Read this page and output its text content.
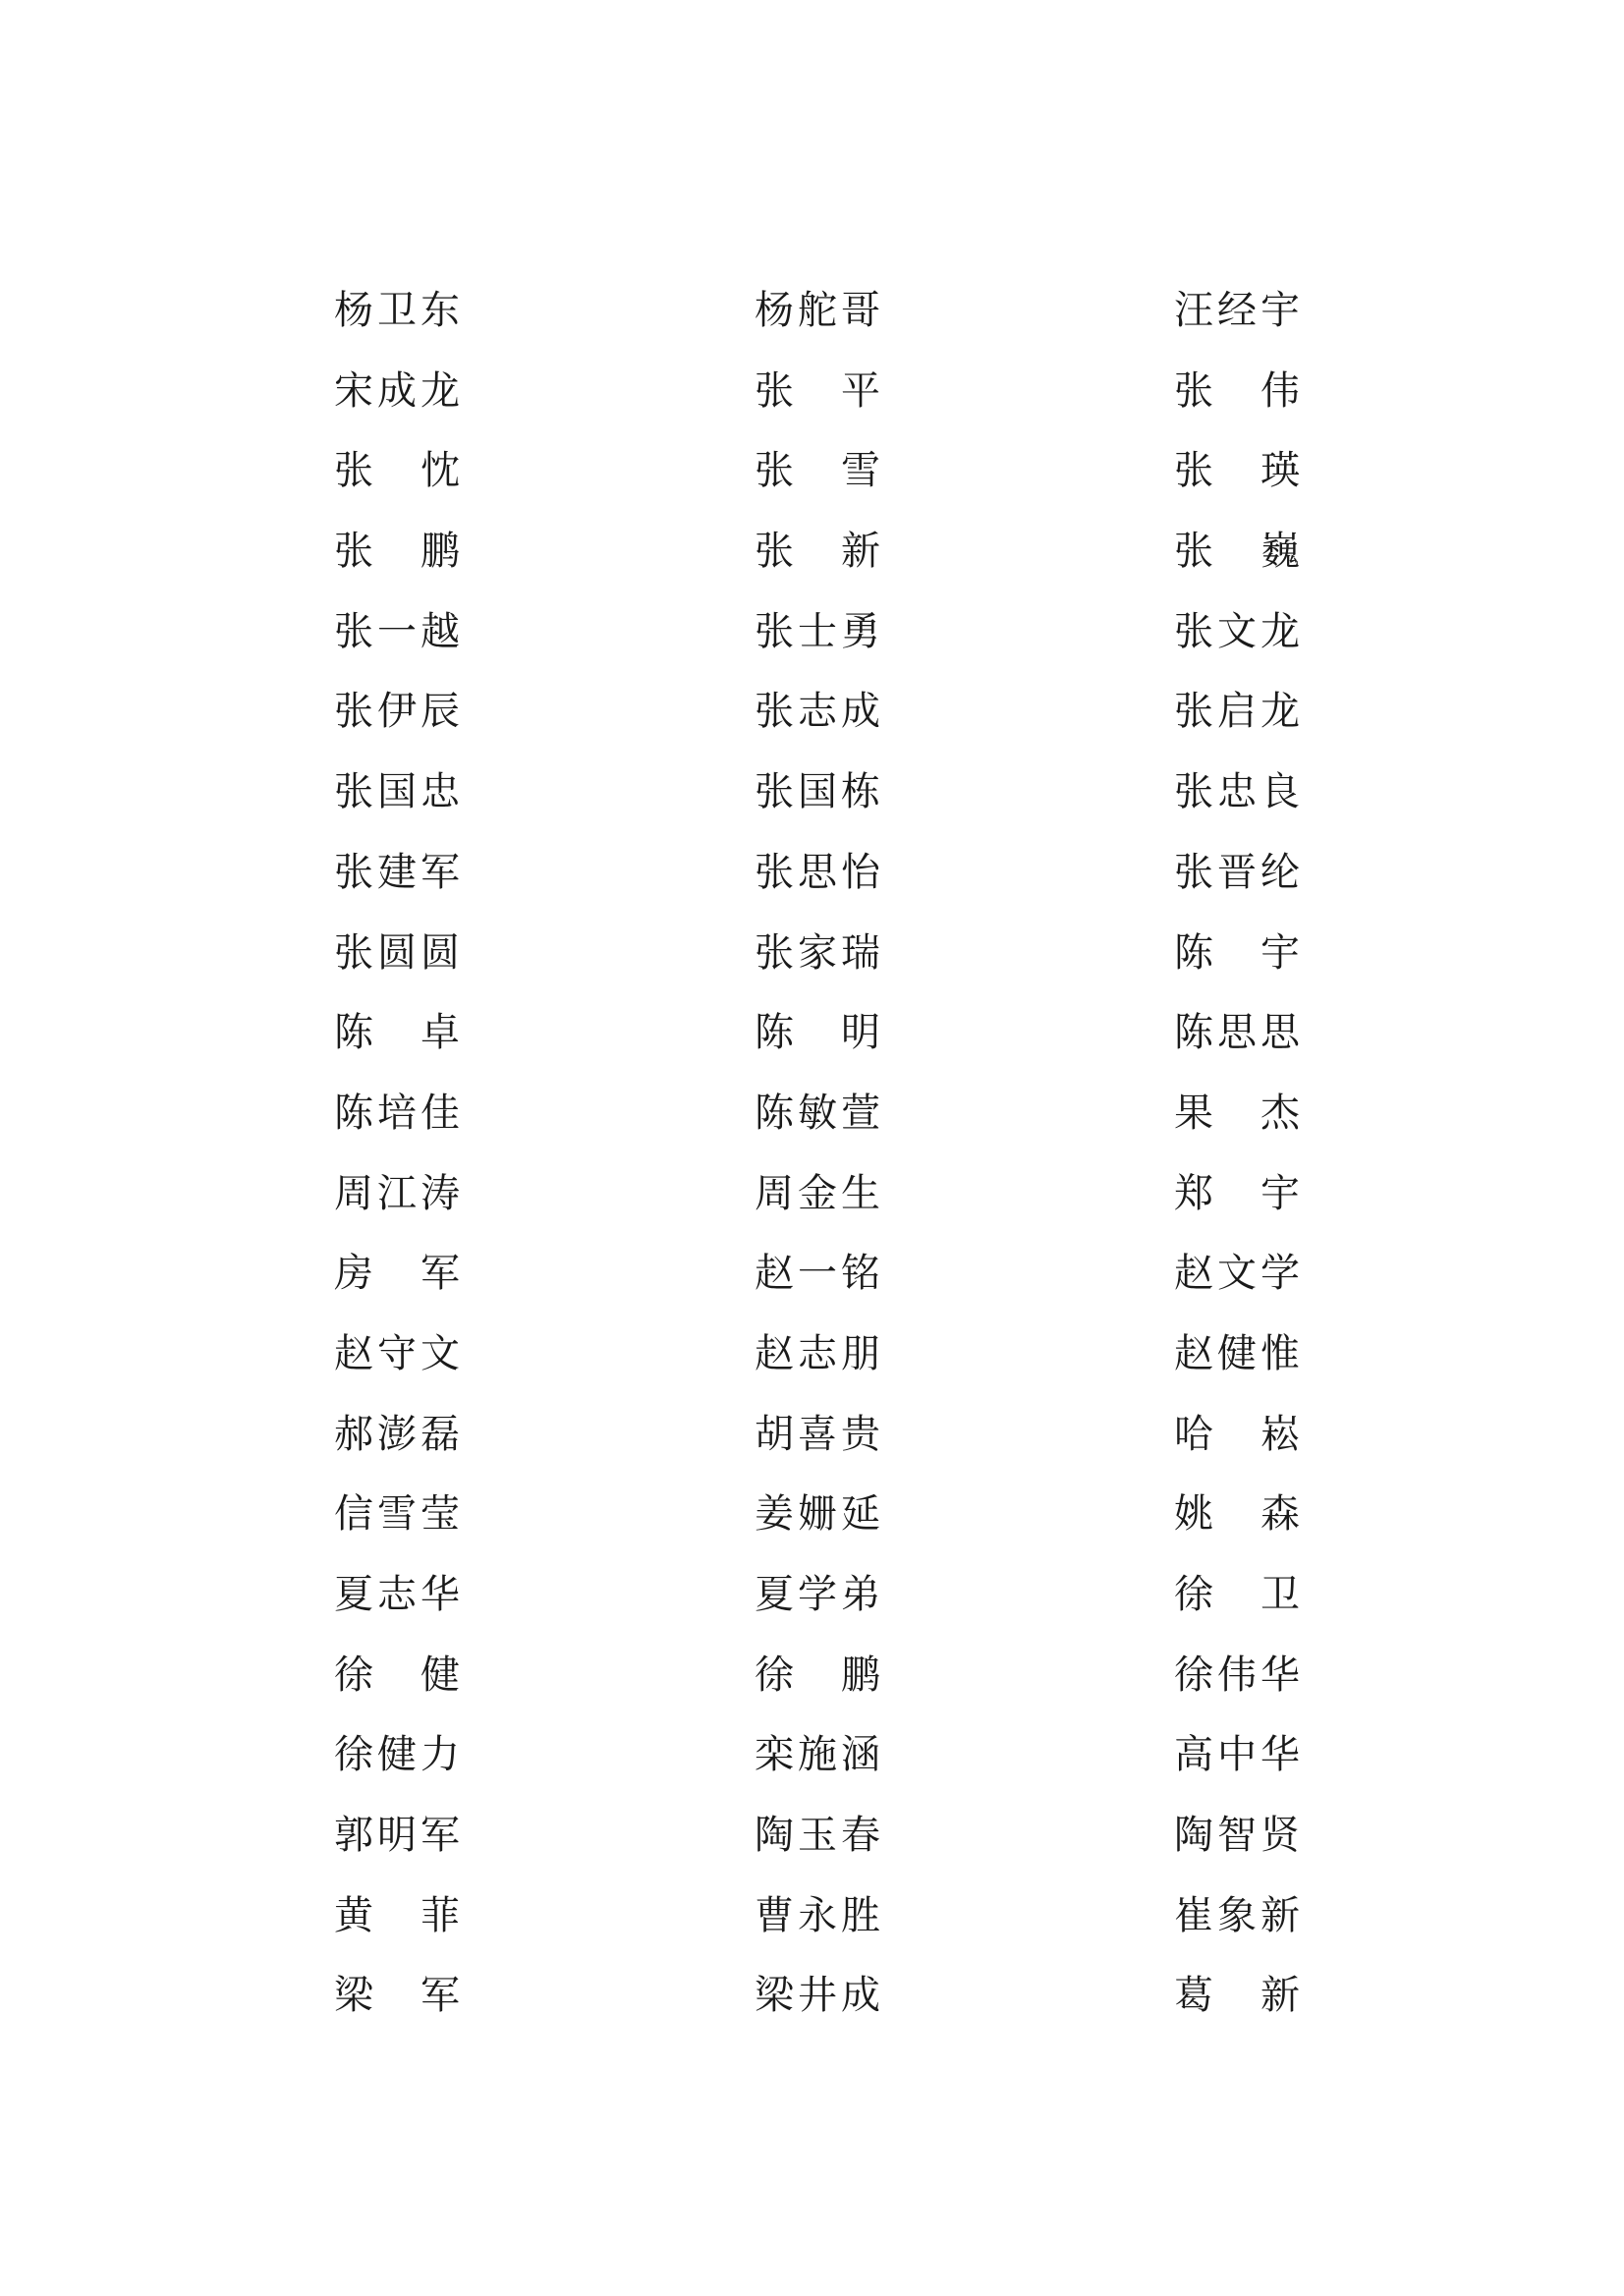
杨 卫 东	杨 舵 哥	汪 经 宇
宋 成 龙	张 平	张 伟
张 忱	张 雪	张 瑛
张 鹏	张 新	张 巍
张 一 越	张 士 勇	张 文 龙
张 伊 辰	张 志 成	张 启 龙
张 国 忠	张 国 栋	张 忠 良
张 建 军	张 思 怡	张 晋 纶
张 圆 圆	张 家 瑞	陈 宇
陈 卓	陈 明	陈 思 思
陈 培 佳	陈 敏 萱	果 杰
周 江 涛	周 金 生	郑 宇
房 军	赵 一 铭	赵 文 学
赵 守 文	赵 志 朋	赵 健 惟
郝 澎 磊	胡 喜 贵	哈 崧
信 雪 莹	姜 姗 延	姚 森
夏 志 华	夏 学 弟	徐 卫
徐 健	徐 鹏	徐 伟 华
徐 健 力	栾 施 涵	高 中 华
郭 明 军	陶 玉 春	陶 智 贤
黄 菲	曹 永 胜	崔 象 新
梁 军	梁 井 成	葛 新
